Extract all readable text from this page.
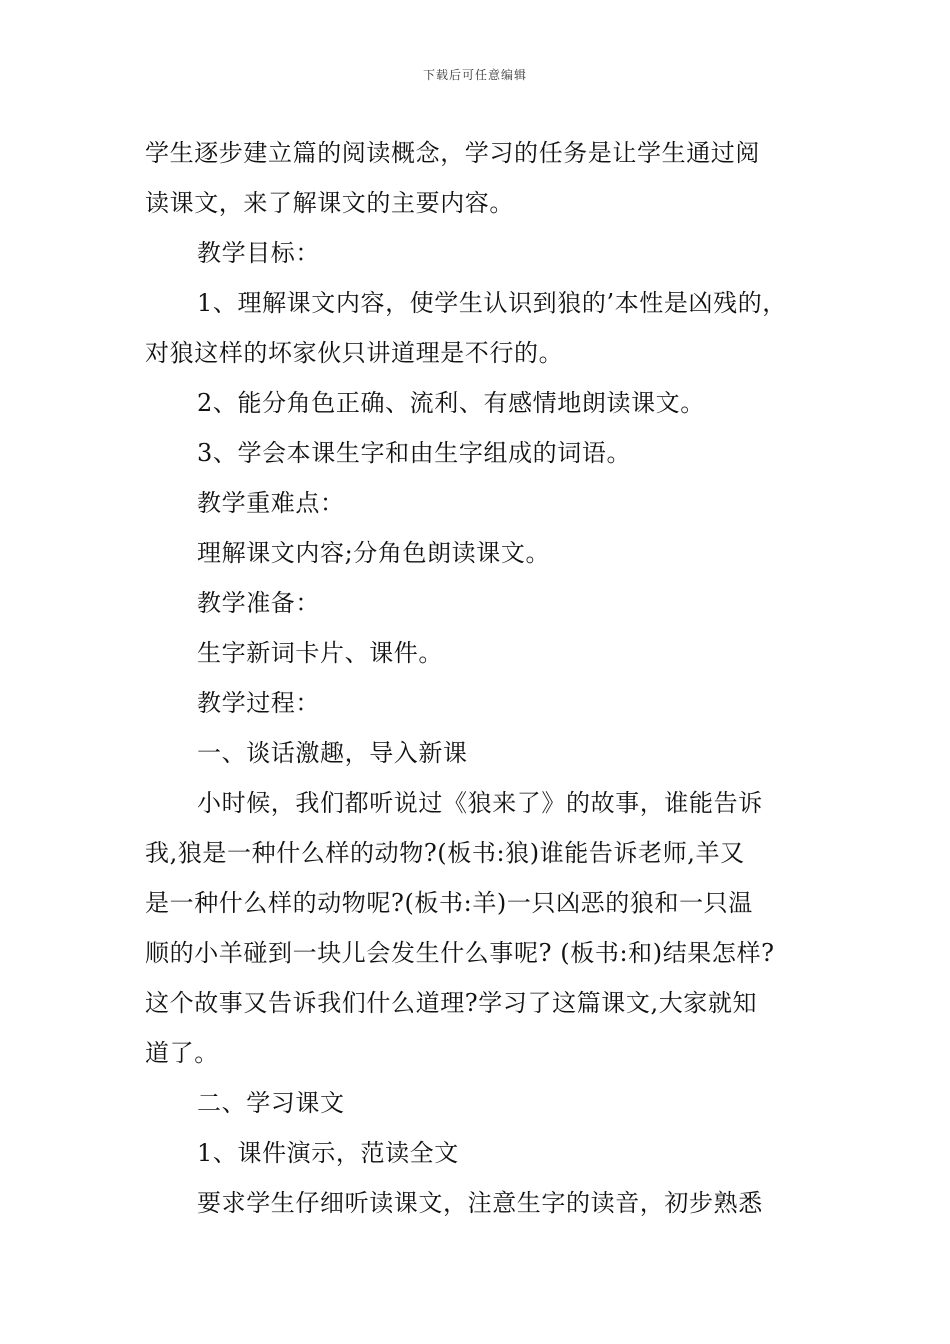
下载后可任意编辑
学生逐步建立篇的阅读概念，学习的任务是让学生通过阅
读课文，来了解课文的主要内容。
教学目标：
1、理解课文内容，使学生认识到狼的’本性是凶残的，
对狼这样的坏家伙只讲道理是不行的。
2、能分角色正确、流利、有感情地朗读课文。
3、学会本课生字和由生字组成的词语。
教学重难点：
理解课文内容;分角色朗读课文。
教学准备：
生字新词卡片、课件。
教学过程：
一、谈话激趣，导入新课
小时候，我们都听说过《狼来了》的故事，谁能告诉
我,狼是一种什么样的动物?(板书:狼)谁能告诉老师,羊又
是一种什么样的动物呢?(板书:羊)一只凶恶的狼和一只温
顺的小羊碰到一块儿会发生什么事呢? (板书:和)结果怎样?
这个故事又告诉我们什么道理?学习了这篇课文,大家就知
道了。
二、学习课文
1、课件演示，范读全文
要求学生仔细听读课文，注意生字的读音，初步熟悉
